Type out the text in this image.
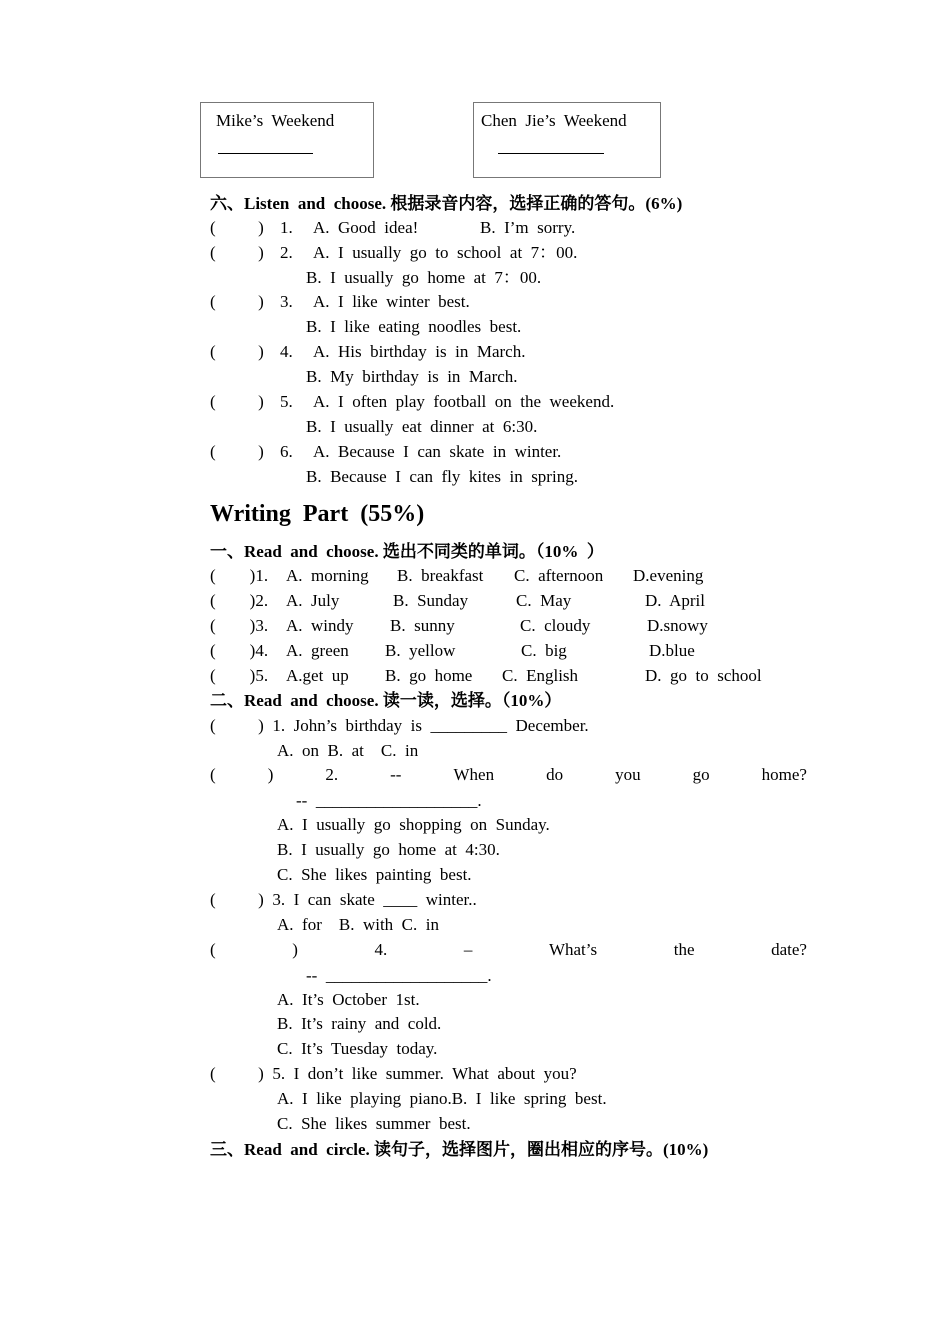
Mike’s  Weekend	Chen  Jie’s  Weekend
六、Listen  and  choose. 根据录音内容，选择正确的答句。(6%)
(          ) 1. A.  Good  idea!	B.  I’m  sorry.
(          ) 2. A.  I  usually  go  to  school  at  7：00.
B.  I  usually  go  home  at  7：00.
(          ) 3. A.  I  like  winter  best.
B.  I  like  eating  noodles  best.
(          ) 4. A.  His  birthday  is  in  March.
B.  My  birthday  is  in  March.
(          ) 5. A.  I  often  play  football  on  the  weekend.
B.  I  usually  eat  dinner  at  6:30.
(          ) 6. A.  Because  I  can  skate  in  winter.
B.  Because  I  can  fly  kites  in  spring.
Writing  Part  (55%)
一、Read  and  choose. 选出不同类的单词。（10%  ）
(        )1. A.  morning B.  breakfast C.  afternoon D.evening
(        )2. A.  July	B.  Sunday	C.  May	D.  April
(        )3. A.  windy B.  sunny	C.  cloudy	D.snowy
(        )4. A.  green B.  yellow	C.  big	D.blue
(        )5. A.get  up B.  go  home C.  English	D.  go  to  school
二、Read  and  choose. 读一读，选择。（10%）
(          )  1.  John’s  birthday  is  _________  December.
A.  on  B.  at    C.  in
(	)	2.	--	When	do	you	go	home?
--  ___________________.
A.  I  usually  go  shopping  on  Sunday.
B.  I  usually  go  home  at  4:30.
C.  She  likes  painting  best.
(          )  3.  I  can  skate  ____  winter..
A.  for    B.  with  C.  in
(	)	4.	–	What’s	the	date?
--  ___________________.
A.  It’s  October  1st.
B.  It’s  rainy  and  cold.
C.  It’s  Tuesday  today.
(          )  5.  I  don’t  like  summer.  What  about  you?
A.  I  like  playing  piano.B.  I  like  spring  best.
C.  She  likes  summer  best.
三、Read  and  circle. 读句子，选择图片，圈出相应的序号。(10%)
